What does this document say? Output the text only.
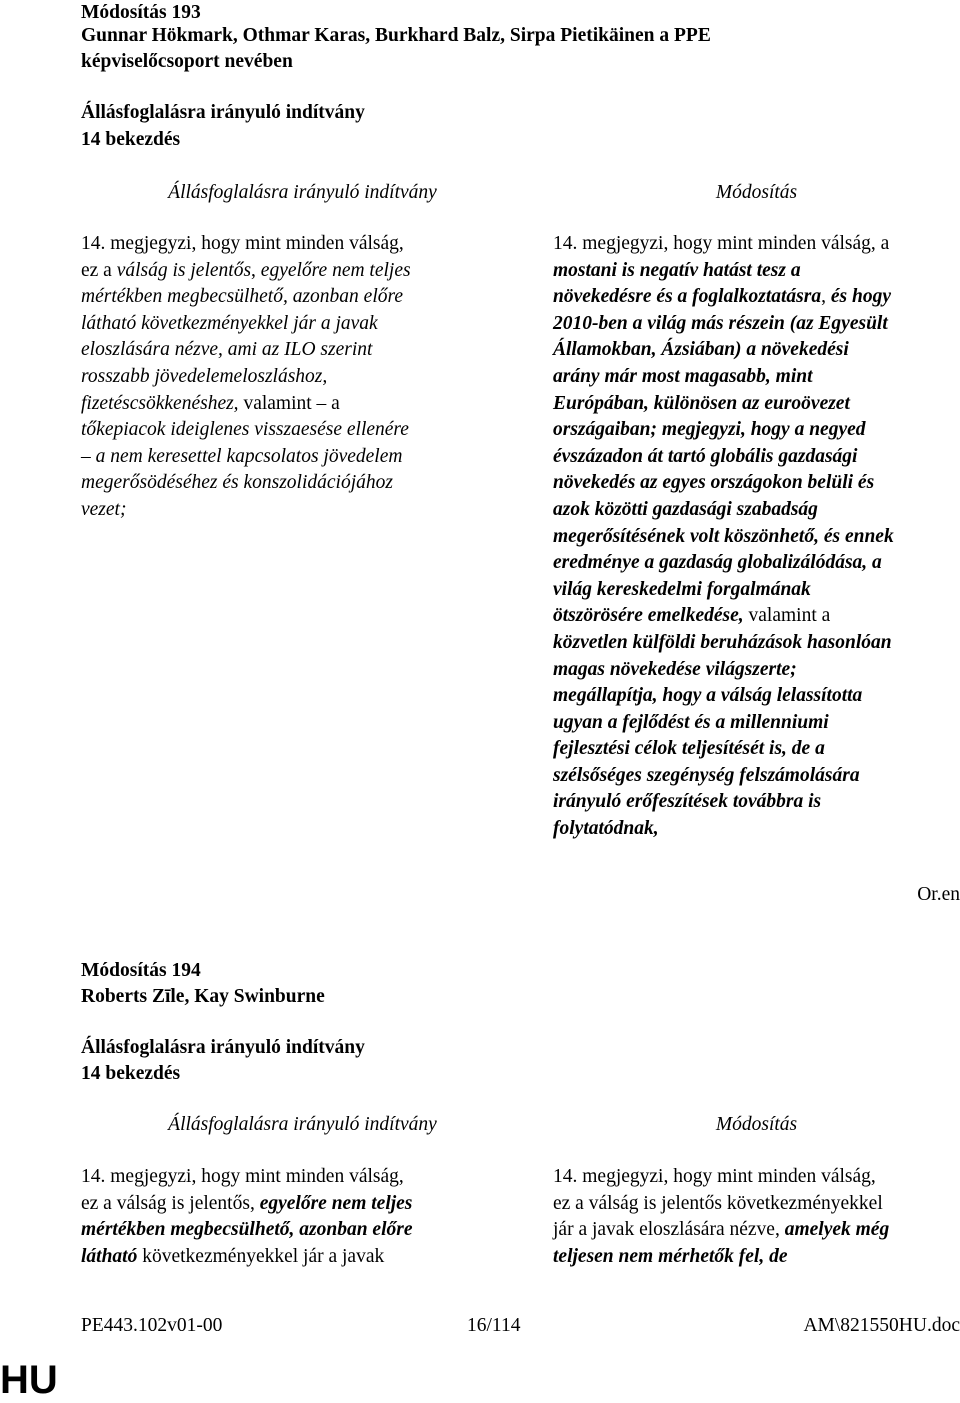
Módosítás 193
Gunnar Hökmark, Othmar Karas, Burkhard Balz, Sirpa Pietikäinen a PPE
képviselőcsoport nevében
Állásfoglalásra irányuló indítvány
14 bekezdés
Állásfoglalásra irányuló indítvány	Módosítás
14. megjegyzi, hogy mint minden válság,
ez a válság is jelentős, egyelőre nem teljes
mértékben megbecsülhető, azonban előre
látható következményekkel jár a javak
eloszlására nézve, ami az ILO szerint
rosszabb jövedelemeloszláshoz,
fizetéscsökkenéshez, valamint – a
tőkepiacok ideiglenes visszaesése ellenére
– a nem keresettel kapcsolatos jövedelem
megerősödéséhez és konszolidációjához
vezet;
14. megjegyzi, hogy mint minden válság, a
mostani is negatív hatást tesz a
növekedésre és a foglalkoztatásra, és hogy
2010-ben a világ más részein (az Egyesült
Államokban, Ázsiában) a növekedési
arány már most magasabb, mint
Európában, különösen az euroövezet
országaiban; megjegyzi, hogy a negyed
évszázadon át tartó globális gazdasági
növekedés az egyes országokon belüli és
azok közötti gazdasági szabadság
megerősítésének volt köszönhető, és ennek
eredménye a gazdaság globalizálódása, a
világ kereskedelmi forgalmának
ötszörösére emelkedése, valamint a
közvetlen külföldi beruházások hasonlóan
magas növekedése világszerte;
megállapítja, hogy a válság lelassította
ugyan a fejlődést és a millenniumi
fejlesztési célok teljesítését is, de a
szélsőséges szegénység felszámolására
irányuló erőfeszítések továbbra is
folytatódnak,
Or.en
Módosítás 194
Roberts Zīle, Kay Swinburne
Állásfoglalásra irányuló indítvány
14 bekezdés
Állásfoglalásra irányuló indítvány	Módosítás
14. megjegyzi, hogy mint minden válság,
ez a válság is jelentős, egyelőre nem teljes
mértékben megbecsülhető, azonban előre
látható következményekkel jár a javak
14. megjegyzi, hogy mint minden válság,
ez a válság is jelentős következményekkel
jár a javak eloszlására nézve, amelyek még
teljesen nem mérhetők fel, de
PE443.102v01-00	16/114	AM\821550HU.doc
HU
